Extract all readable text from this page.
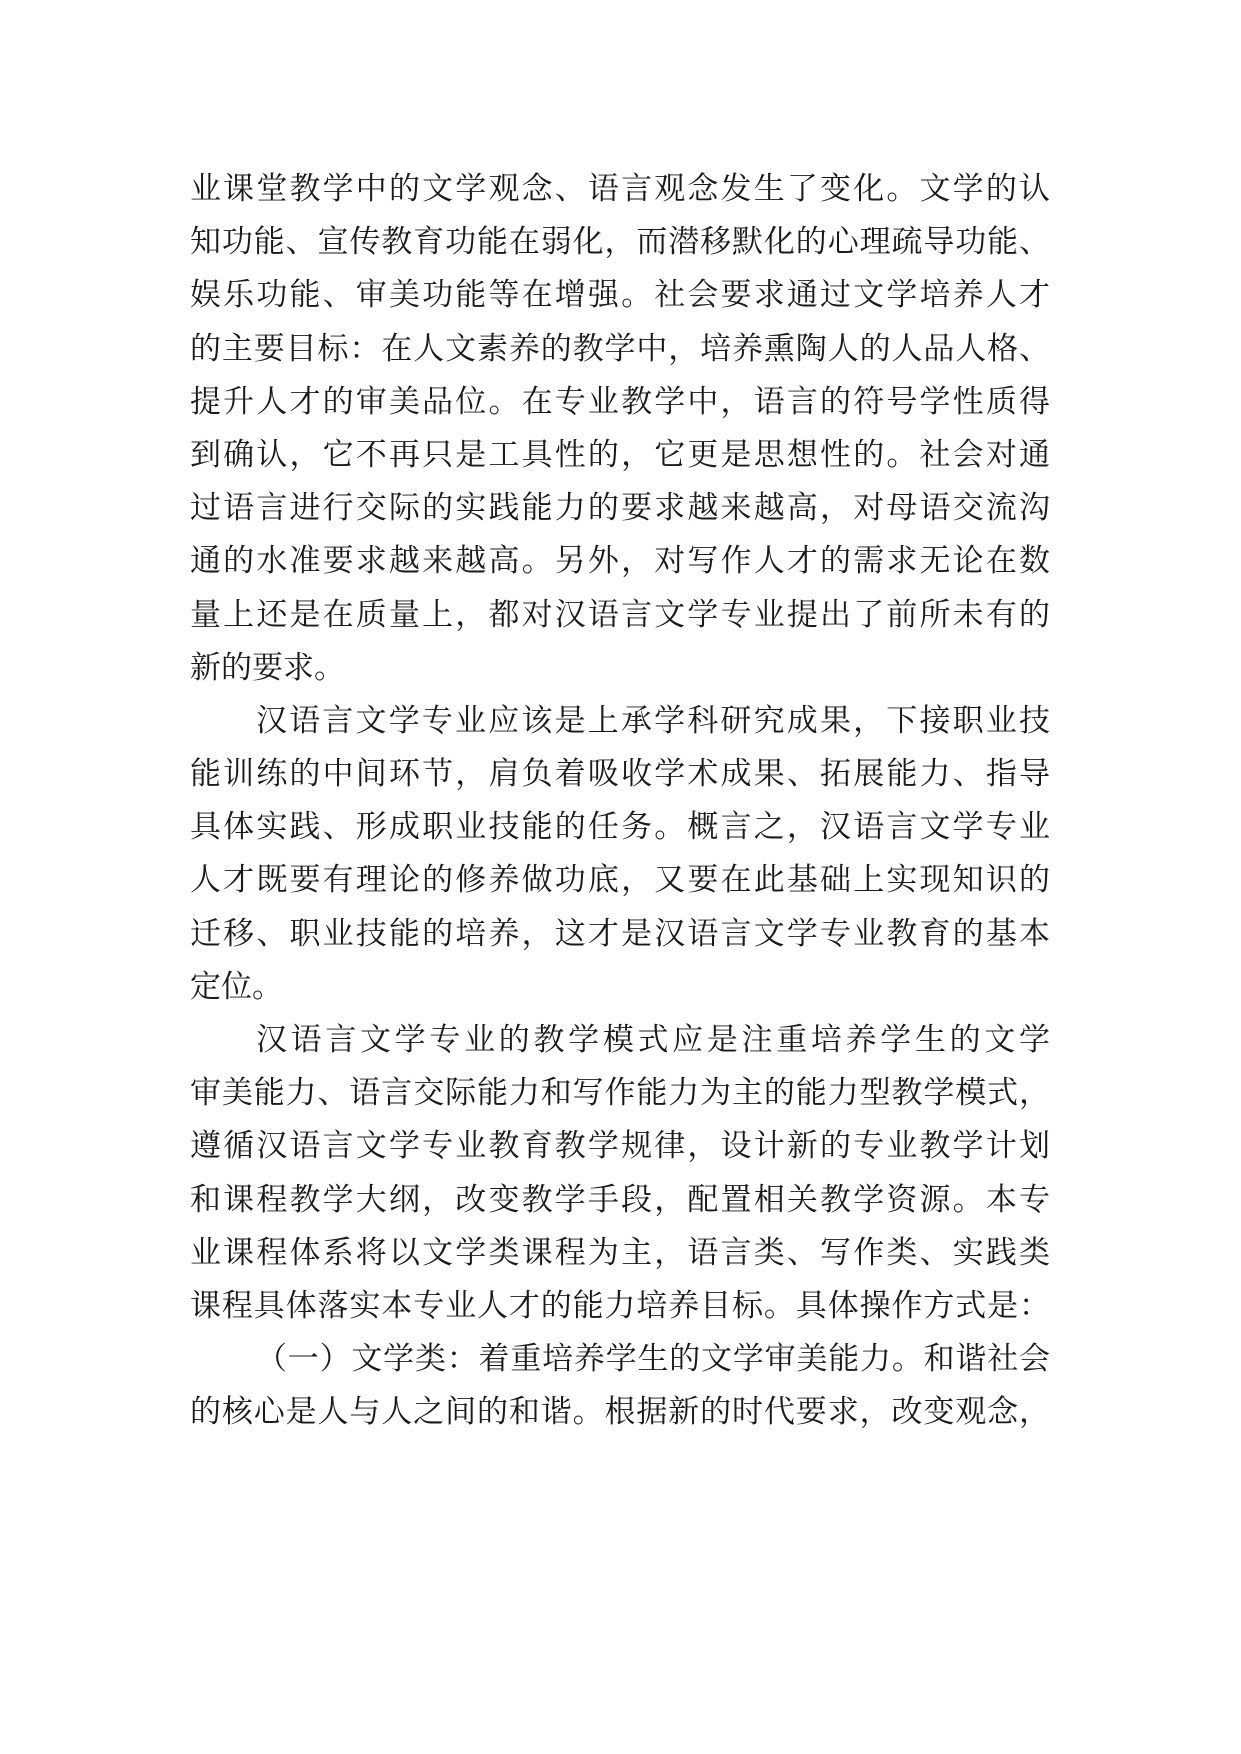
业课堂教学中的文学观念、语言观念发生了变化。文学的认
知功能、宣传教育功能在弱化，而潜移默化的心理疏导功能、
娱乐功能、审美功能等在增强。社会要求通过文学培养人才
的主要目标：在人文素养的教学中，培养熏陶人的人品人格、
提升人才的审美品位。在专业教学中，语言的符号学性质得
到确认，它不再只是工具性的，它更是思想性的。社会对通
过语言进行交际的实践能力的要求越来越高，对母语交流沟
通的水准要求越来越高。另外，对写作人才的需求无论在数
量上还是在质量上，都对汉语言文学专业提出了前所未有的
新的要求。
汉语言文学专业应该是上承学科研究成果，下接职业技
能训练的中间环节，肩负着吸收学术成果、拓展能力、指导
具体实践、形成职业技能的任务。概言之，汉语言文学专业
人才既要有理论的修养做功底，又要在此基础上实现知识的
迁移、职业技能的培养，这才是汉语言文学专业教育的基本
定位。
汉语言文学专业的教学模式应是注重培养学生的文学
审美能力、语言交际能力和写作能力为主的能力型教学模式，
遵循汉语言文学专业教育教学规律，设计新的专业教学计划
和课程教学大纲，改变教学手段，配置相关教学资源。本专
业课程体系将以文学类课程为主，语言类、写作类、实践类
课程具体落实本专业人才的能力培养目标。具体操作方式是：
（一）文学类：着重培养学生的文学审美能力。和谐社会
的核心是人与人之间的和谐。根据新的时代要求，改变观念，
